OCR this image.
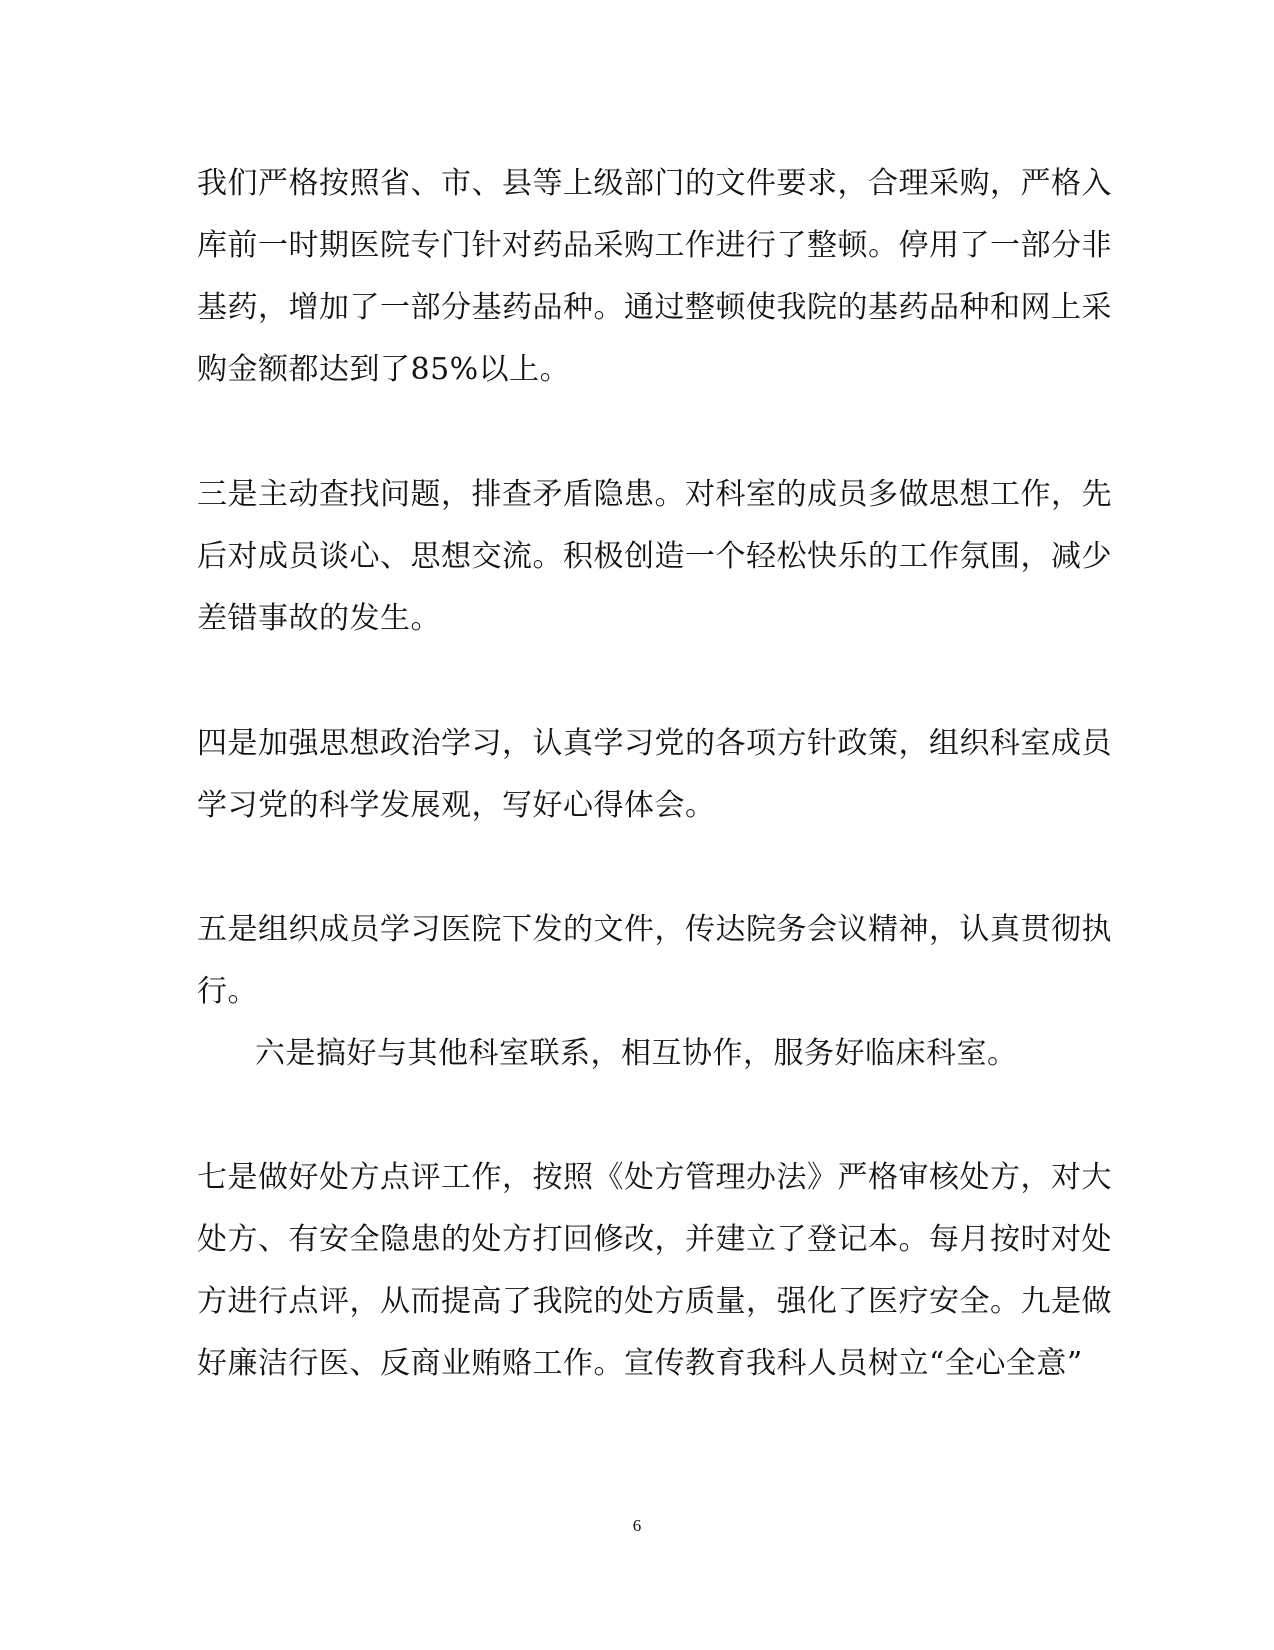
我们严格按照省、市、县等上级部门的文件要求，合理采购，严格入
库前一时期医院专门针对药品采购工作进行了整顿。停用了一部分非
基药，增加了一部分基药品种。通过整顿使我院的基药品种和网上采
购金额都达到了85%以上。
三是主动查找问题，排查矛盾隐患。对科室的成员多做思想工作，先
后对成员谈心、思想交流。积极创造一个轻松快乐的工作氛围，减少
差错事故的发生。
四是加强思想政治学习，认真学习党的各项方针政策，组织科室成员
学习党的科学发展观，写好心得体会。
五是组织成员学习医院下发的文件，传达院务会议精神，认真贯彻执
行。
六是搞好与其他科室联系，相互协作，服务好临床科室。
七是做好处方点评工作，按照《处方管理办法》严格审核处方，对大
处方、有安全隐患的处方打回修改，并建立了登记本。每月按时对处
方进行点评，从而提高了我院的处方质量，强化了医疗安全。九是做
好廉洁行医、反商业贿赂工作。宣传教育我科人员树立“全心全意”
6
